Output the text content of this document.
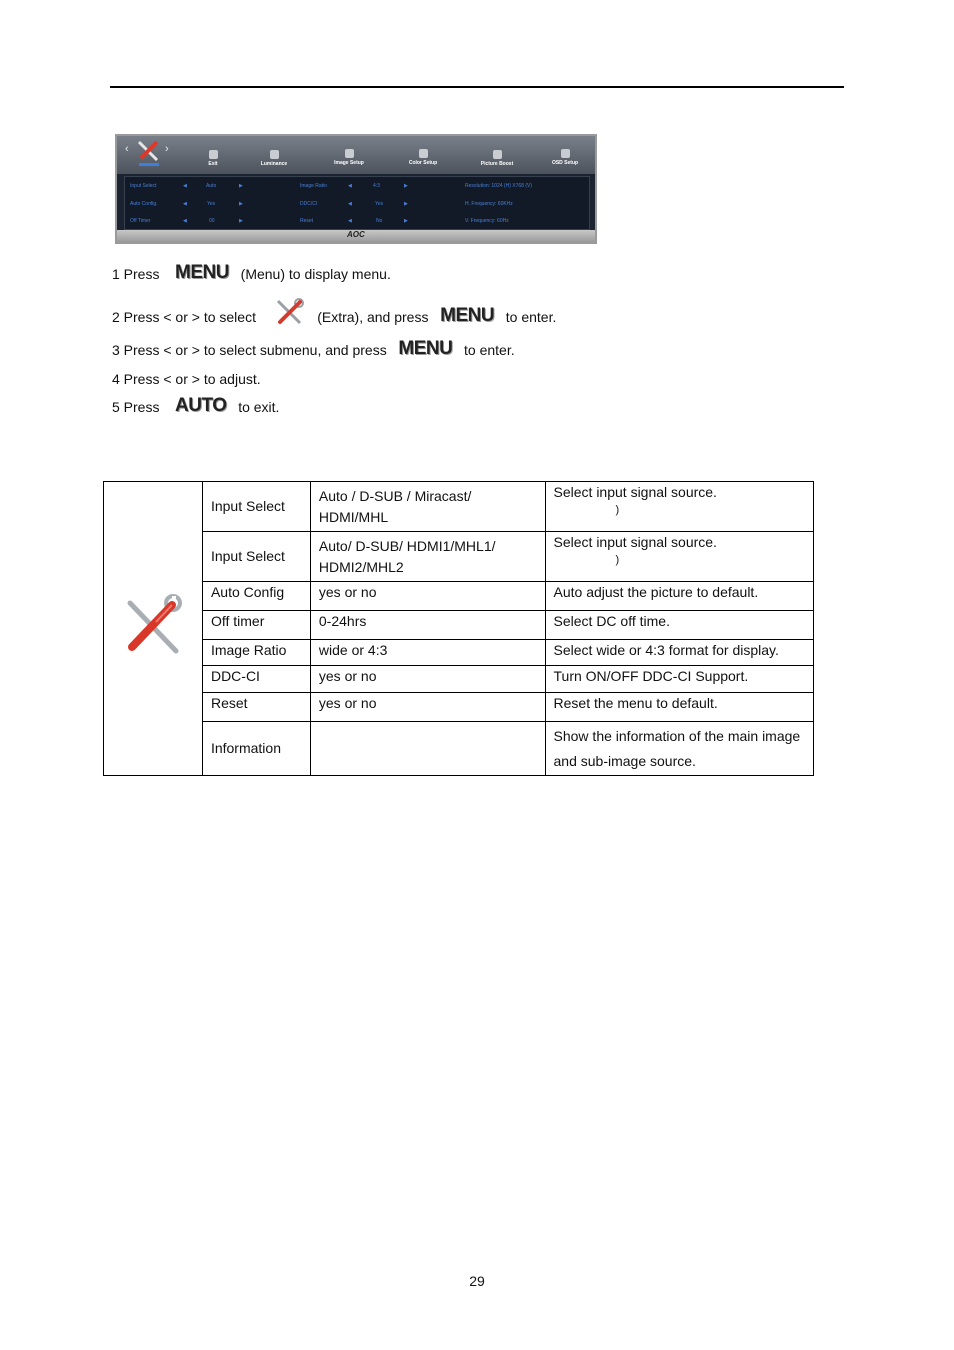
‹	›
Exit	Luminance	Image Setup	Color Setup	Picture Boost	OSD Setup
Input Select	◀	Auto	▶	Image Ratio	◀	4:3	▶	Resolution: 1024 (H) X768 (V)
Auto Config.	◀	Yes	▶	DDC/CI	◀	Yes	▶	H. Frequency: 60KHz
Off Timer	◀	00	▶	Reset	◀	No	▶	V. Frequency: 60Hz
AOC
1 Press MENU (Menu) to display menu.
2 Press < or > to select	(Extra), and press MENU to enter.
3 Press < or > to select submenu, and press MENU to enter.
4 Press < or > to adjust.
5 Press AUTO to exit.
	Input Select	Auto / D-SUB / Miracast/ HDMI/MHL	Select input signal source.
)

	Input Select	Auto/ D-SUB/ HDMI1/MHL1/ HDMI2/MHL2	Select input signal source.
)

	Auto Config	yes or no	Auto adjust the picture to default.
	Off timer	0-24hrs	Select DC off time.
	Image Ratio	wide or 4:3	Select wide or 4:3 format for display.
	DDC-CI	yes or no	Turn ON/OFF DDC-CI Support.
	Reset	yes or no	Reset the menu to default.
	Information		Show the information of the main image and sub-image source.
29
